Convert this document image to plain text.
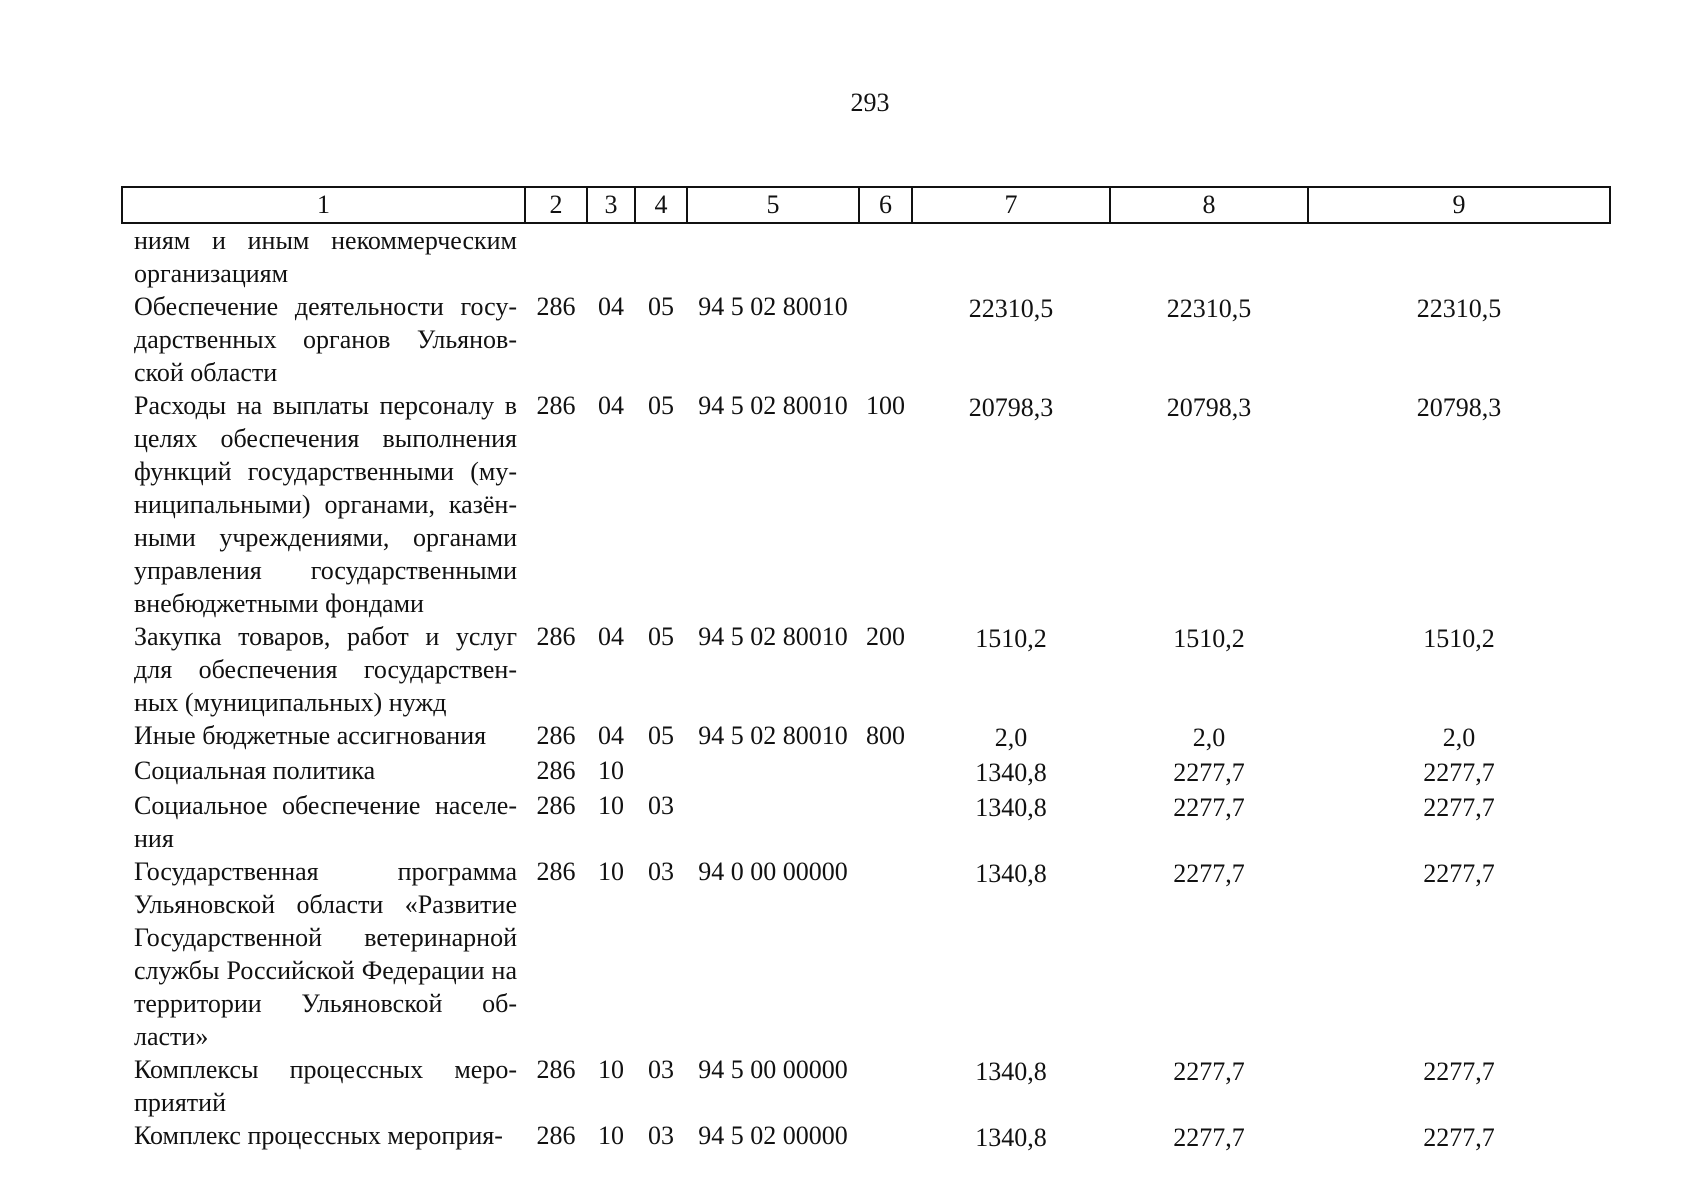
293
1	2	3	4	5	6	7	8	9
ниям и иным некоммерческим организациям								
Обеспечение деятельности госу-дарственных органов Ульянов-ской области	286	04	05	94 5 02 80010		22310,5	22310,5	22310,5
Расходы на выплаты персоналу в целях обеспечения выполнения функций государственными (му-ниципальными) органами, казён-ными учреждениями, органами управления государственными внебюджетными фондами	286	04	05	94 5 02 80010	100	20798,3	20798,3	20798,3
Закупка товаров, работ и услуг для обеспечения государствен-ных (муниципальных) нужд	286	04	05	94 5 02 80010	200	1510,2	1510,2	1510,2
Иные бюджетные ассигнования	286	04	05	94 5 02 80010	800	2,0	2,0	2,0
Социальная политика	286	10				1340,8	2277,7	2277,7
Социальное обеспечение населе-ния	286	10	03			1340,8	2277,7	2277,7
Государственная программа Ульяновской области «Развитие Государственной ветеринарной службы Российской Федерации на территории Ульяновской об-ласти»	286	10	03	94 0 00 00000		1340,8	2277,7	2277,7
Комплексы процессных меро-приятий	286	10	03	94 5 00 00000		1340,8	2277,7	2277,7
Комплекс процессных мероприя-	286	10	03	94 5 02 00000		1340,8	2277,7	2277,7
